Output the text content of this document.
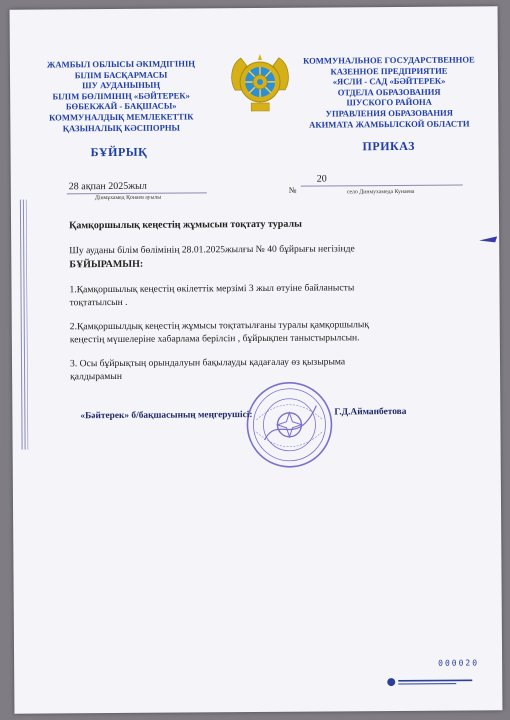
ЖАМБЫЛ ОБЛЫСЫ ӘКІМДІГІНІҢ
БІЛІМ БАСҚАРМАСЫ
ШУ АУДАНЫНЫҢ
БІЛІМ БӨЛІМІНІҢ «БӘЙТЕРЕК»
БӨБЕКЖАЙ - БАҚШАСЫ»
КОММУНАЛДЫҚ МЕМЛЕКЕТТІК
ҚАЗЫНАЛЫҚ КӘСІПОРНЫ
БҰЙРЫҚ
КОММУНАЛЬНОЕ ГОСУДАРСТВЕННОЕ
КАЗЕННОЕ ПРЕДПРИЯТИЕ
«ЯСЛИ - САД «БӘЙТЕРЕК»
ОТДЕЛА ОБРАЗОВАНИЯ
ШУСКОГО РАЙОНА
УПРАВЛЕНИЯ ОБРАЗОВАНИЯ
АКИМАТА ЖАМБЫЛСКОЙ ОБЛАСТИ
ПРИКАЗ
28 ақпан 2025жыл
Дінмұхамед Қонаев ауылы
№
20
село Динмухамеда Кунаева
Қамқоршылық кеңестің жұмысын тоқтату туралы
Шу ауданы білім бөлімінің 28.01.2025жылғы № 40 бұйрығы негізінде
БҰЙЫРАМЫН:
1.Қамқоршылық кеңестің өкілеттік мерзімі 3 жыл өтуіне байланысты
тоқтатылсын .
2.Қамқоршылдық кеңестің жұмысы тоқтатылғаны туралы қамқоршылық
кеңестің мүшелеріне хабарлама берілсін , бұйрықпен таныстырылсын.
3. Осы бұйрықтың орындалуын бақылауды қадағалау өз қызырыма
қалдырамын
«Бәйтерек» б/бақшасының меңгерушісі:	Г.Д.Айманбетова
000020
